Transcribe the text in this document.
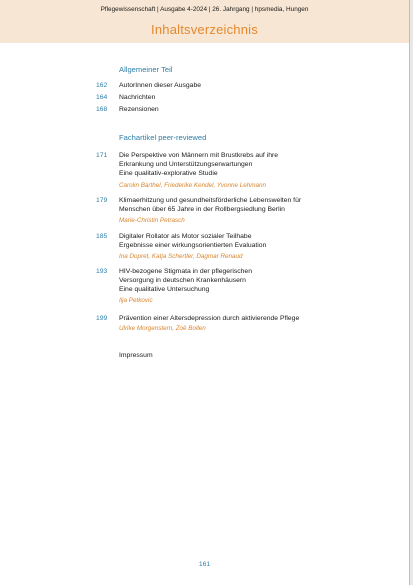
Pflegewissenschaft | Ausgabe 4-2024 | 26. Jahrgang | hpsmedia, Hungen
Inhaltsverzeichnis
Allgemeiner Teil
162	AutorInnen dieser Ausgabe
164	Nachrichten
168	Rezensionen
Fachartikel peer-reviewed
171	Die Perspektive von Männern mit Brustkrebs auf ihre
Erkrankung und Unterstützungserwartungen
Eine qualitativ-explorative Studie
Carolin Barthel, Friederike Kendel, Yvonne Lehmann
179	Klimaerhitzung und gesundheitsförderliche Lebenswelten für
Menschen über 65 Jahre in der Rollbergsiedlung Berlin
Marie-Christin Petrasch
185	Digitaler Rollator als Motor sozialer Teilhabe
Ergebnisse einer wirkungsorientierten Evaluation
Ina Dopret, Katja Schertler, Dagmar Renaud
193	HIV-bezogene Stigmata in der pflegerischen
Versorgung in deutschen Krankenhäusern
Eine qualitative Untersuchung
Ilja Petkovic
199	Prävention einer Altersdepression durch aktivierende Pflege
Ulrike Morgenstern, Zoë Bollen
Impressum
161
